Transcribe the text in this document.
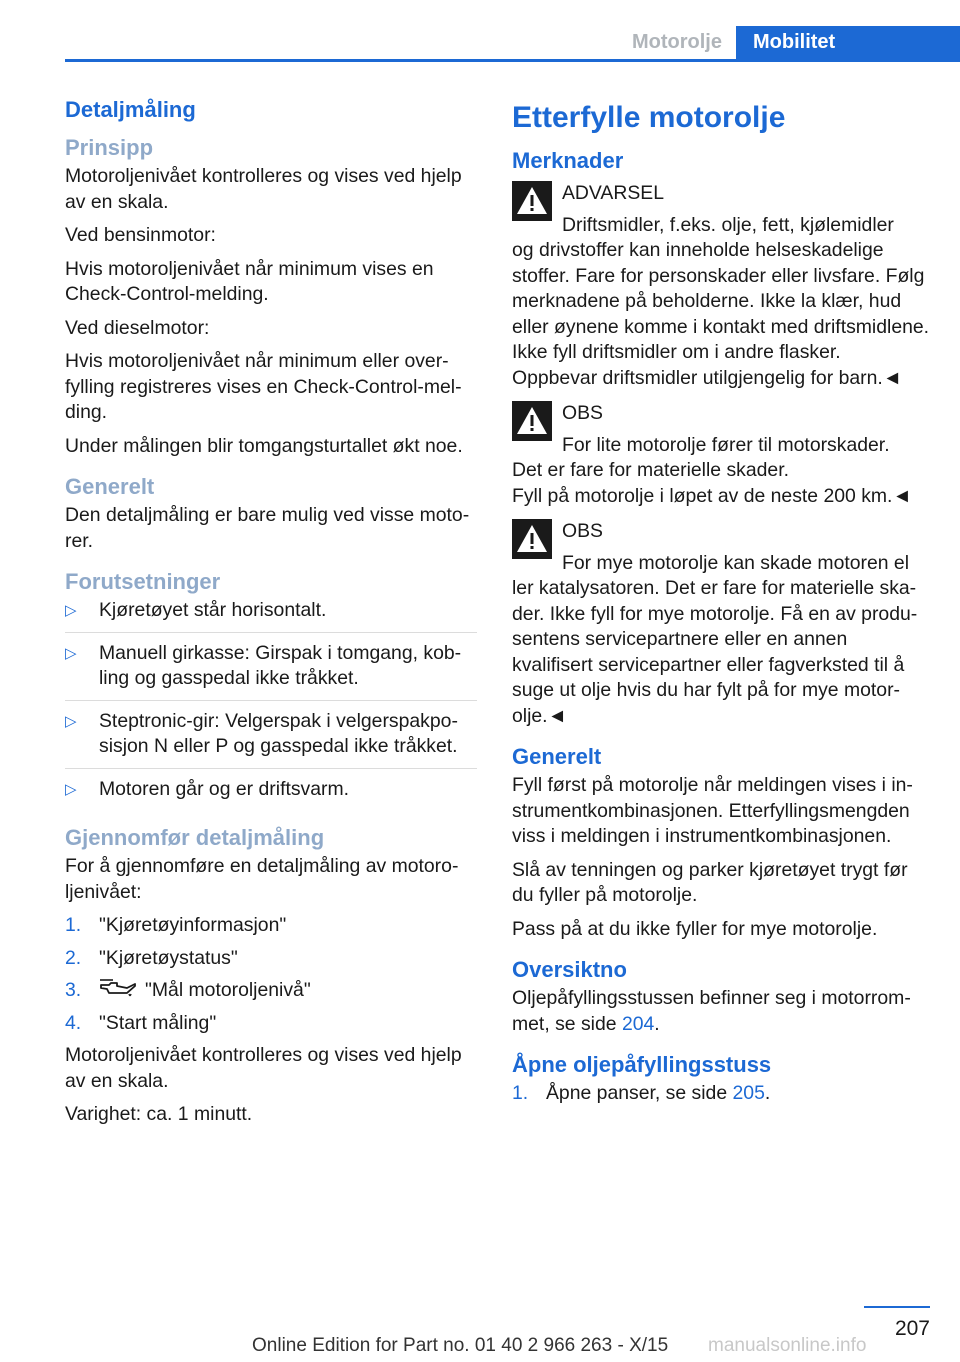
Motorolje	Mobilitet
Detaljmåling
Prinsipp

Motoroljenivået kontrolleres og vises ved hjelp av en skala.

Ved bensinmotor:

Hvis motoroljenivået når minimum vises en Check-Control-melding.

Ved dieselmotor:

Hvis motoroljenivået når minimum eller overfylling registreres vises en Check-Control-melding.

Under målingen blir tomgangsturtallet økt noe.

Generelt

Den detaljmåling er bare mulig ved visse motorer.

Forutsetninger
▷ Kjøretøyet står horisontalt.
▷ Manuell girkasse: Girspak i tomgang, kobling og gasspedal ikke tråkket.
▷ Steptronic-gir: Velgerspak i velgerspakposisjon N eller P og gasspedal ikke tråkket.
▷ Motoren går og er driftsvarm.
Gjennomfør detaljmåling

For å gjennomføre en detaljmåling av motoroljenivået:

1. "Kjøretøyinformasjon"
2. "Kjøretøystatus"
3.	"Mål motoroljenivå"
4. "Start måling"

Motoroljenivået kontrolleres og vises ved hjelp av en skala.

Varighet: ca. 1 minutt.

Etterfylle motorolje
Merknader
ADVARSEL
Driftsmidler, f.eks. olje, fett, kjølemidler

og drivstoffer kan inneholde helseskadelige stoffer. Fare for personskader eller livsfare. Følg merknadene på beholderne. Ikke la klær, hud eller øynene komme i kontakt med driftsmidlene. Ikke fyll driftsmidler om i andre flasker. Oppbevar driftsmidler utilgjengelig for barn.◄

OBS
For lite motorolje fører til motorskader.

Det er fare for materielle skader.

Fyll på motorolje i løpet av de neste 200 km.◄

OBS
For mye motorolje kan skade motoren el

ler katalysatoren. Det er fare for materielle skader. Ikke fyll for mye motorolje. Få en av produsentens servicepartnere eller en annen kvalifisert servicepartner eller fagverksted til å suge ut olje hvis du har fylt på for mye motorolje.◄

Generelt

Fyll først på motorolje når meldingen vises i instrumentkombinasjonen. Etterfyllingsmengden viss i meldingen i instrumentkombinasjonen.

Slå av tenningen og parker kjøretøyet trygt før du fyller på motorolje.

Pass på at du ikke fyller for mye motorolje.

Oversiktno

Oljepåfyllingsstussen befinner seg i motorrommet, se side 204.

Åpne oljepåfyllingsstuss
1. Åpne panser, se side 205.
207
Online Edition for Part no. 01 40 2 966 263 - X/15 manualsonline.info
